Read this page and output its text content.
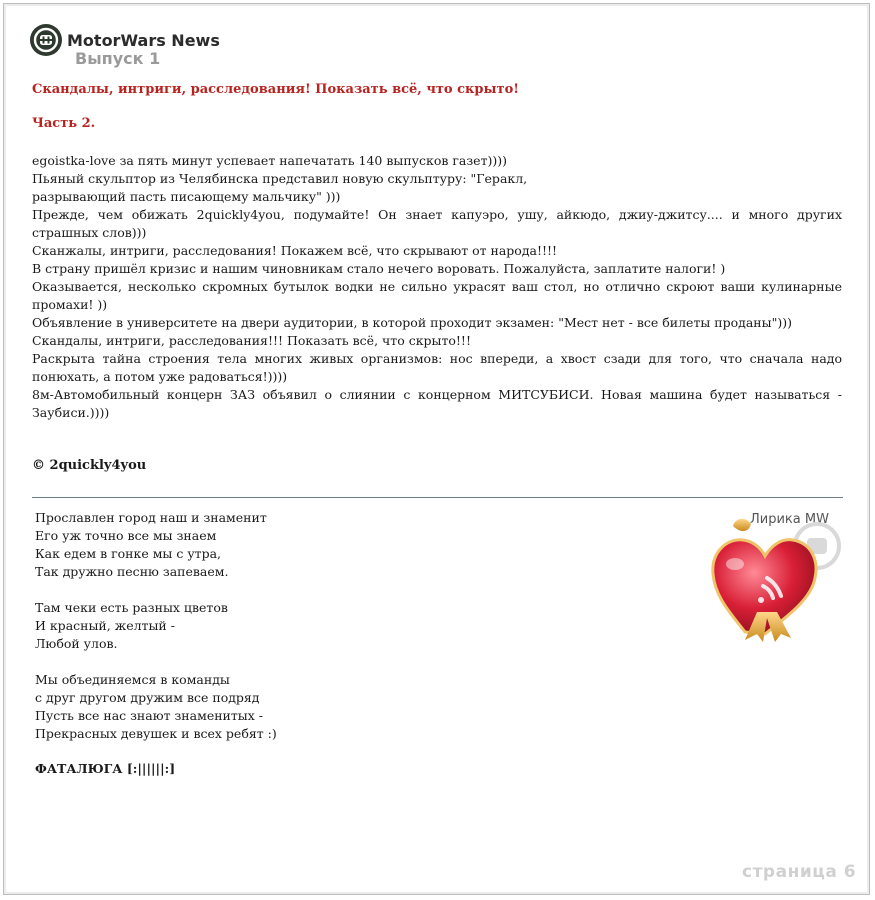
MotorWars News
Выпуск 1
Скандалы, интриги, расследования! Показать всё, что скрыто!
Часть 2.
egoistka-love за пять минут успевает напечатать 140 выпусков газет))))
Пьяный скульптор из Челябинска представил новую скульптуру: "Геракл,
разрывающий пасть писающему мальчику" )))
Прежде, чем обижать 2quickly4you, подумайте! Он знает капуэро, ушу, айкюдо, джиу-джитсу.... и много других страшных слов)))
Сканжалы, интриги, расследования! Покажем всё, что скрывают от народа!!!!
В страну пришёл кризис и нашим чиновникам стало нечего воровать. Пожалуйста, заплатите налоги! )
Оказывается, несколько скромных бутылок водки не сильно украсят ваш стол, но отлично скроют ваши кулинарные промахи! ))
Объявление в университете на двери аудитории, в которой проходит экзамен: "Мест нет - все билеты проданы")))
Скандалы, интриги, расследования!!! Показать всё, что скрыто!!!
Раскрыта тайна строения тела многих живых организмов: нос впереди, а хвост сзади для того, что сначала надо понюхать, а потом уже радоваться!))))
8м-Автомобильный концерн ЗАЗ объявил о слиянии с концерном МИТСУБИСИ. Новая машина будет называться - Заубиси.))))
© 2quickly4you
Прославлен город наш и знаменит
Его уж точно все мы знаем
Как едем в гонке мы с утра,
Так дружно песню запеваем.
Там чеки есть разных цветов
И красный, желтый -
Любой улов.
Мы объединяемся в команды
с друг другом дружим все подряд
Пусть все нас знают знаменитых -
Прекрасных девушек и всех ребят :)
ФАТАЛЮГА [:||||||:]
Лирика MW
страница 6
